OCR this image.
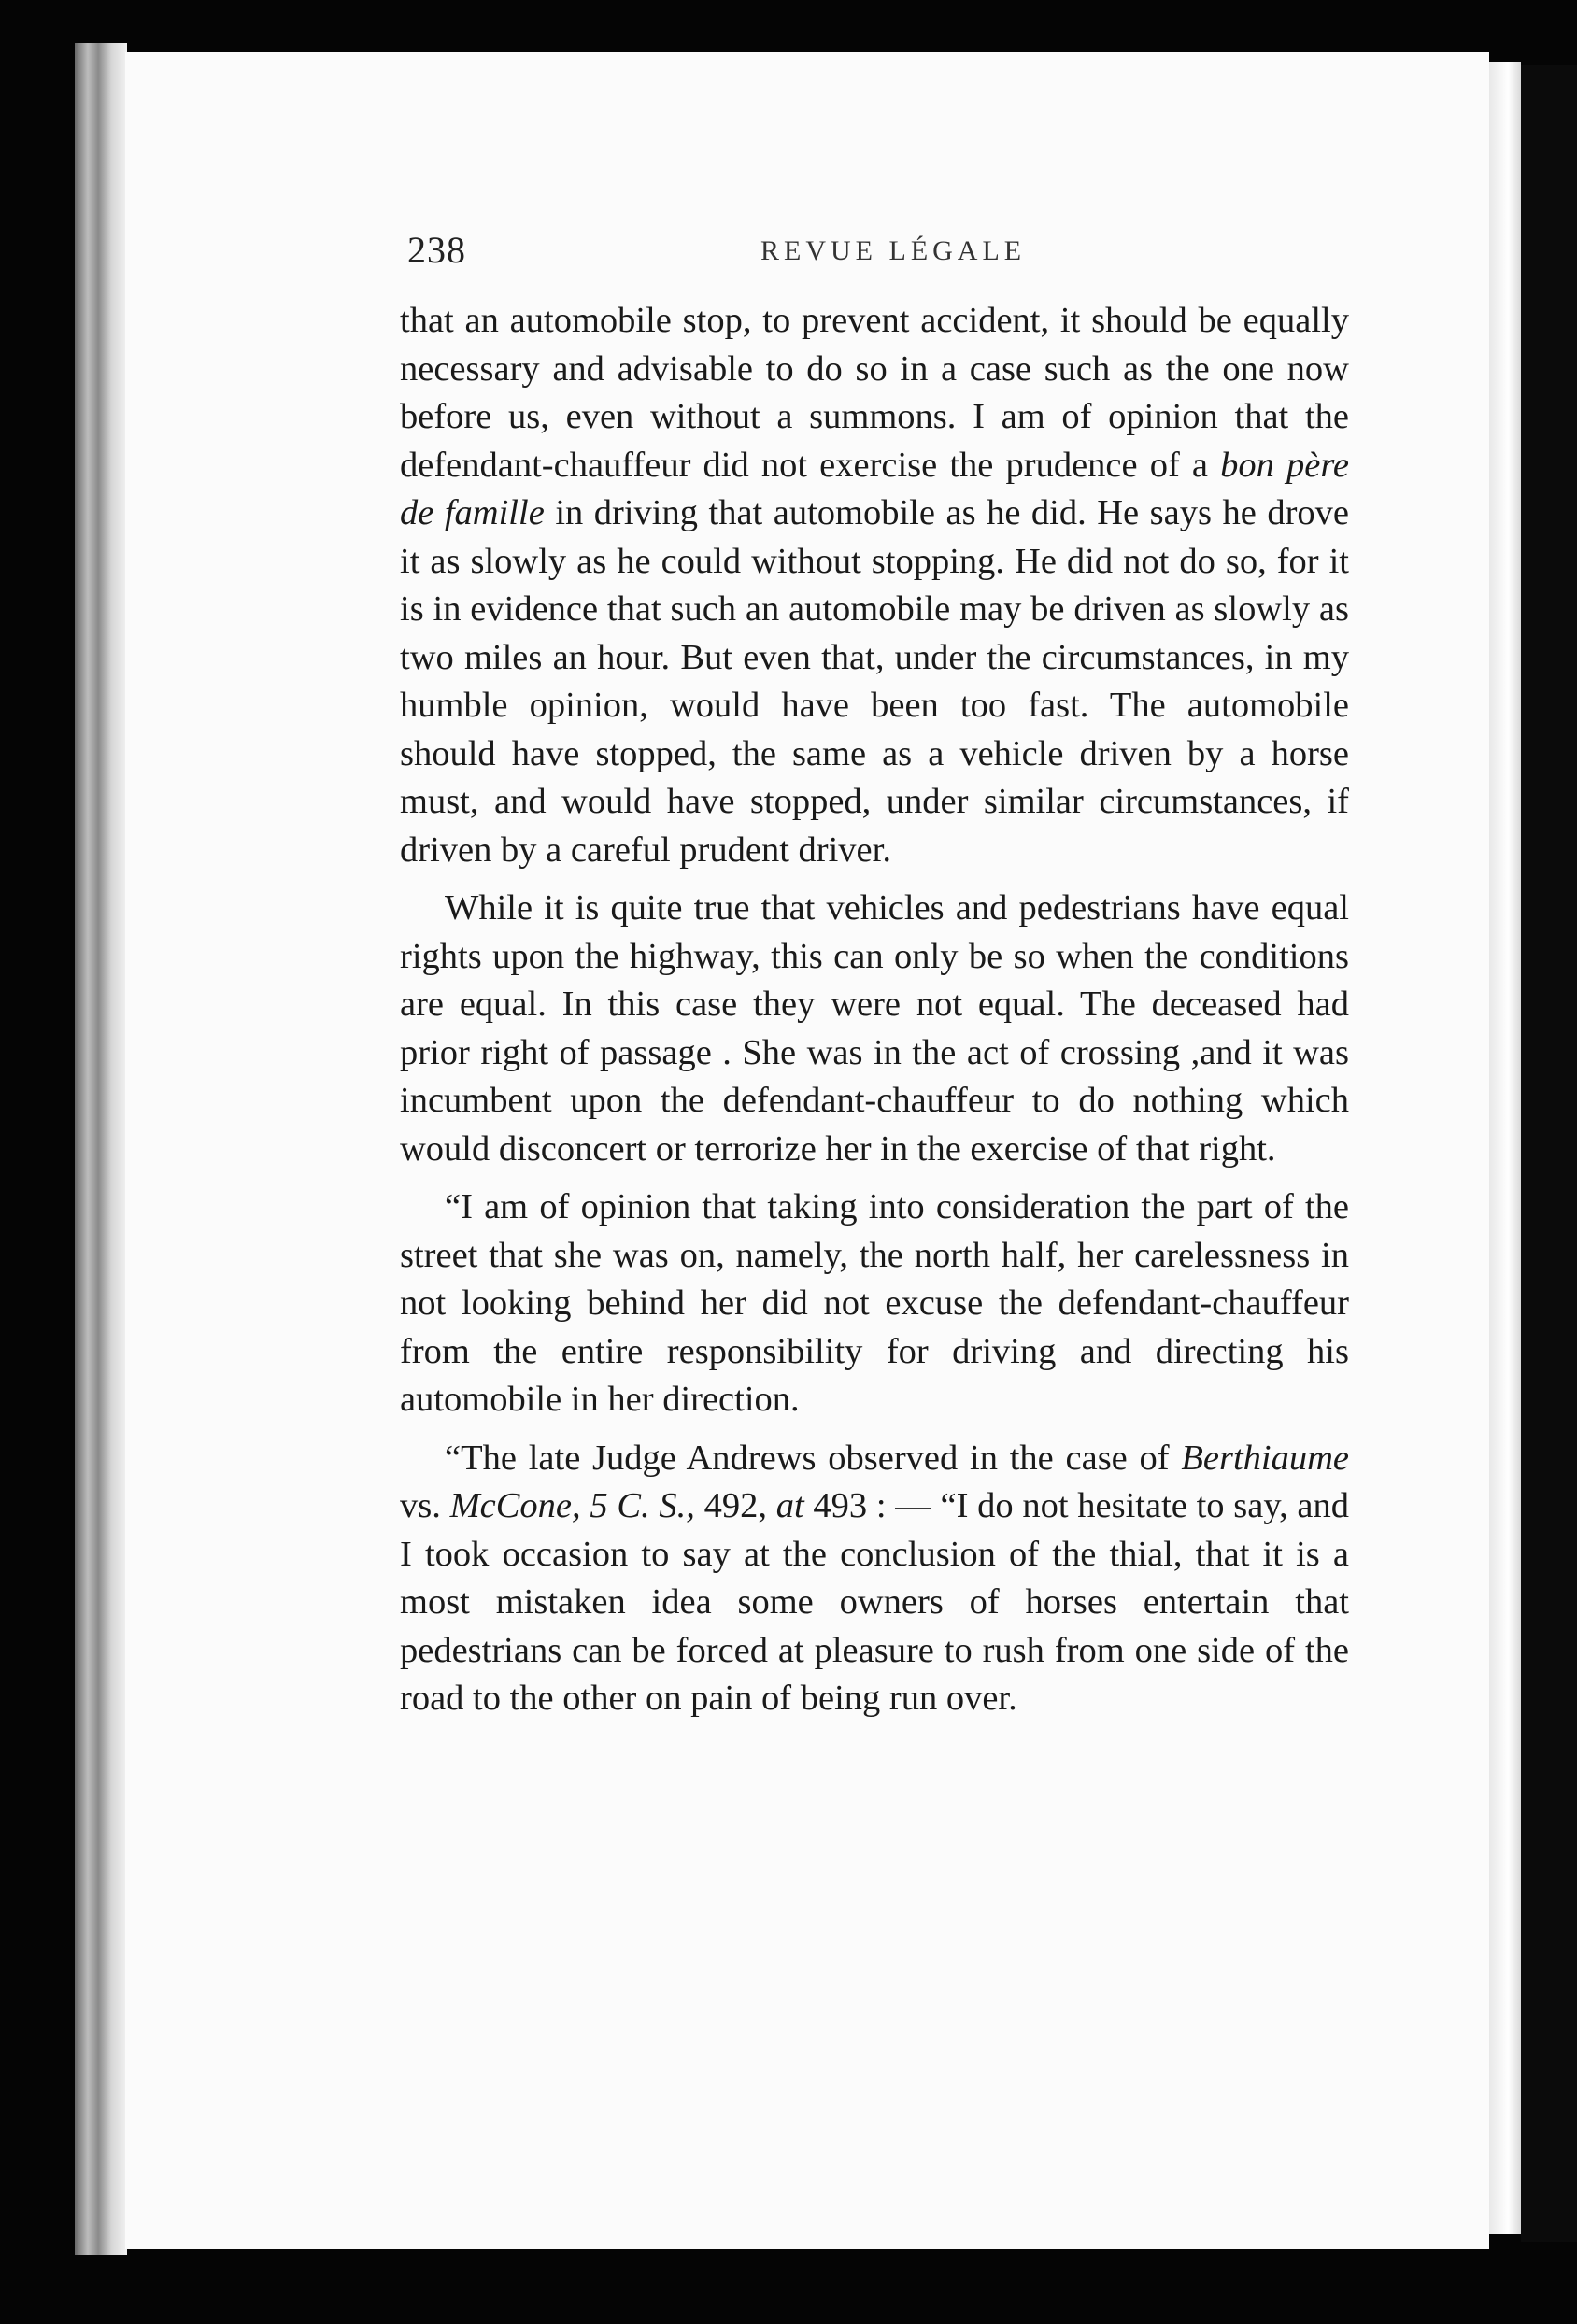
238	REVUE LÉGALE

that an automobile stop, to prevent accident, it should be equally necessary and advisable to do so in a case such as the one now before us, even without a summons. I am of opinion that the defendant-chauffeur did not exercise the prudence of a bon père de famille in driving that automobile as he did. He says he drove it as slowly as he could without stopping. He did not do so, for it is in evidence that such an automobile may be driven as slowly as two miles an hour. But even that, under the circumstances, in my humble opinion, would have been too fast. The automobile should have stopped, the same as a vehicle driven by a horse must, and would have stopped, under similar circumstances, if driven by a careful prudent driver.

While it is quite true that vehicles and pedestrians have equal rights upon the highway, this can only be so when the conditions are equal. In this case they were not equal. The deceased had prior right of passage . She was in the act of crossing ,and it was incumbent upon the defendant-chauffeur to do nothing which would disconcert or terrorize her in the exercise of that right.

“I am of opinion that taking into consideration the part of the street that she was on, namely, the north half, her carelessness in not looking behind her did not excuse the defendant-chauffeur from the entire responsibility for driving and directing his automobile in her direction.

“The late Judge Andrews observed in the case of Berthiaume vs. McCone, 5 C. S., 492, at 493 : — “I do not hesitate to say, and I took occasion to say at the conclusion of the thial, that it is a most mistaken idea some owners of horses entertain that pedestrians can be forced at pleasure to rush from one side of the road to the other on pain of being run over.
